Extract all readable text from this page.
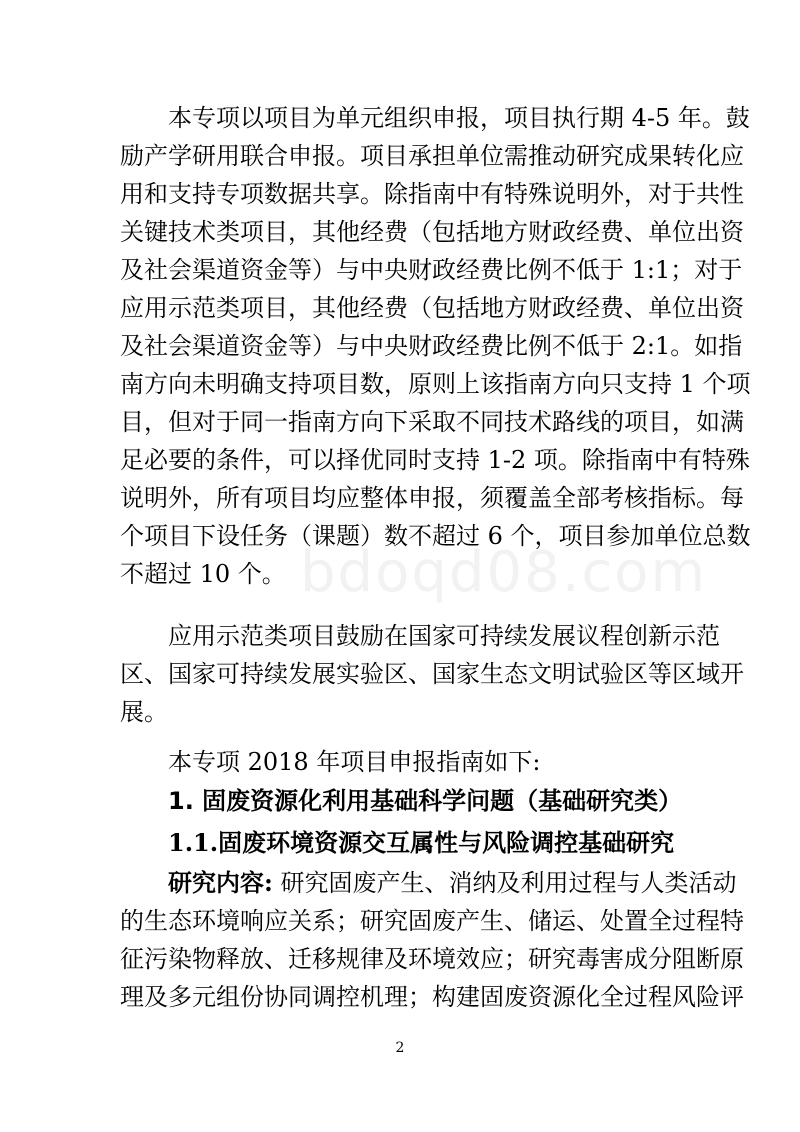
bdoqd08.com
本专项以项目为单元组织申报，项目执行期 4-5 年。鼓
励产学研用联合申报。项目承担单位需推动研究成果转化应
用和支持专项数据共享。除指南中有特殊说明外，对于共性
关键技术类项目，其他经费（包括地方财政经费、单位出资
及社会渠道资金等）与中央财政经费比例不低于 1:1；对于
应用示范类项目，其他经费（包括地方财政经费、单位出资
及社会渠道资金等）与中央财政经费比例不低于 2:1。如指
南方向未明确支持项目数，原则上该指南方向只支持 1 个项
目，但对于同一指南方向下采取不同技术路线的项目，如满
足必要的条件，可以择优同时支持 1-2 项。除指南中有特殊
说明外，所有项目均应整体申报，须覆盖全部考核指标。每
个项目下设任务（课题）数不超过 6 个，项目参加单位总数
不超过 10 个。
应用示范类项目鼓励在国家可持续发展议程创新示范
区、国家可持续发展实验区、国家生态文明试验区等区域开
展。
本专项 2018 年项目申报指南如下:
1. 固废资源化利用基础科学问题（基础研究类）
1.1.固废环境资源交互属性与风险调控基础研究
研究内容: 研究固废产生、消纳及利用过程与人类活动
的生态环境响应关系；研究固废产生、储运、处置全过程特
征污染物释放、迁移规律及环境效应；研究毒害成分阻断原
理及多元组份协同调控机理；构建固废资源化全过程风险评
2
